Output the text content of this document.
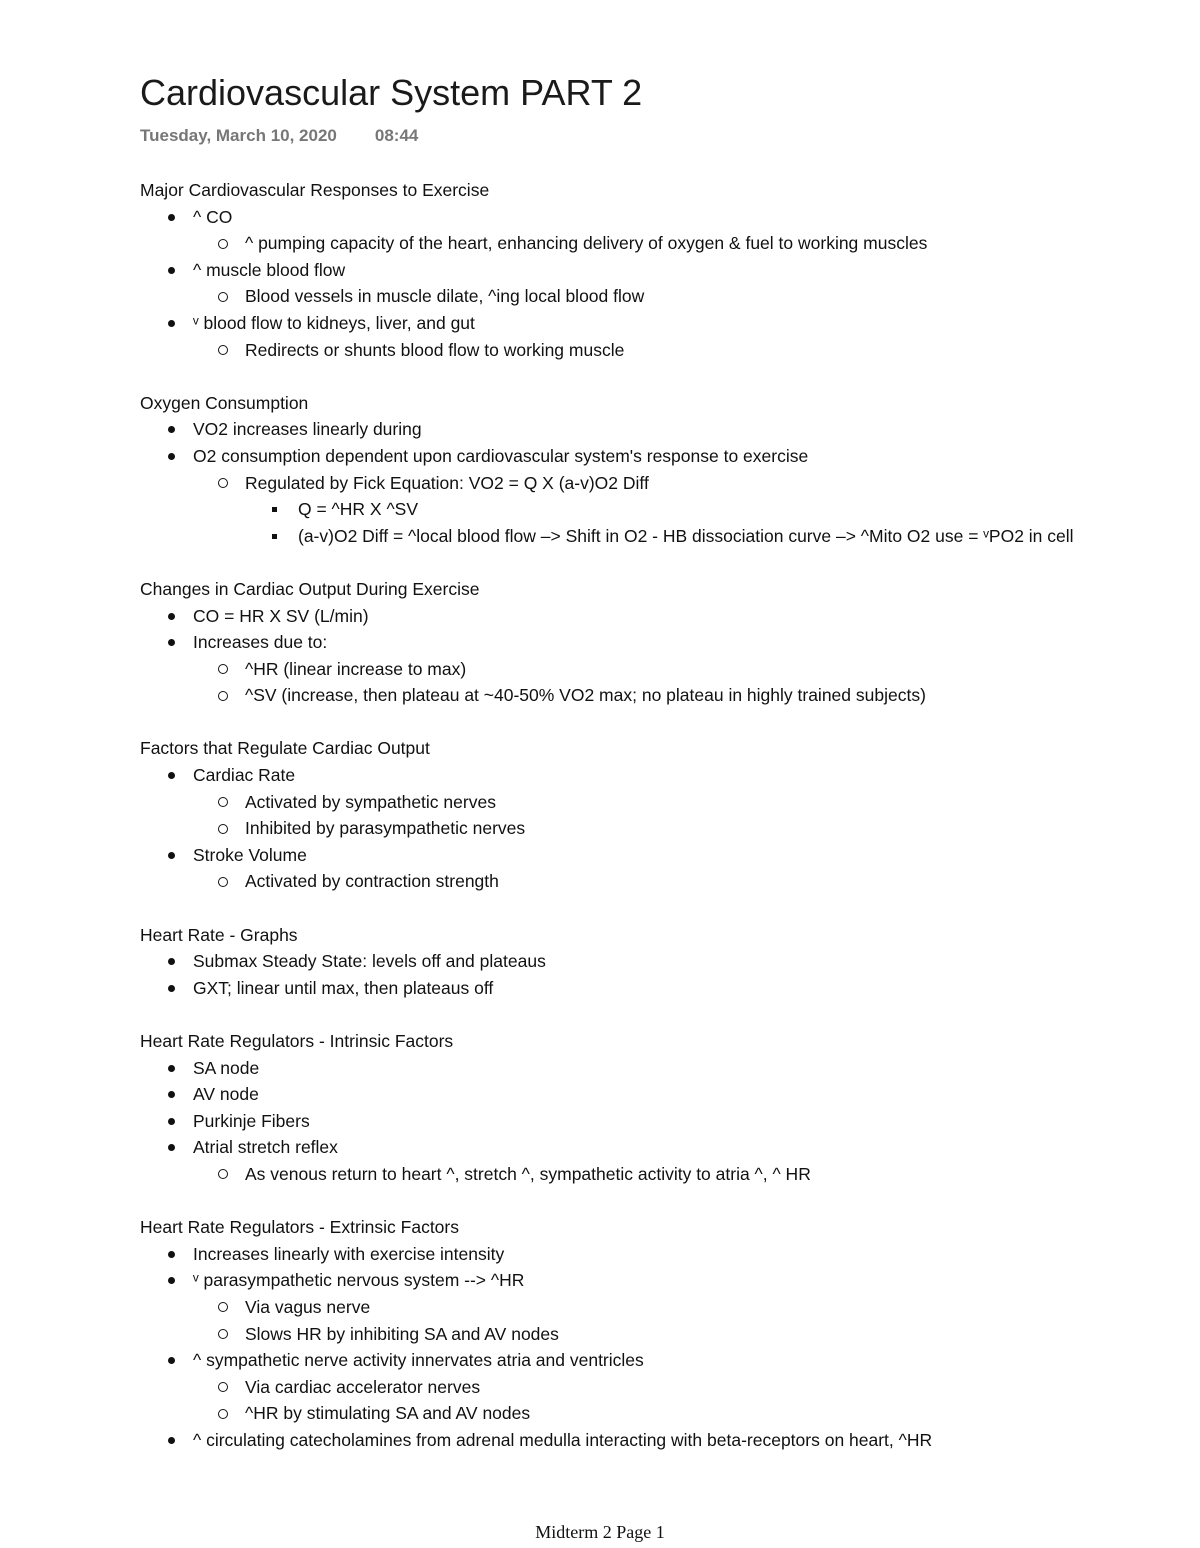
Cardiovascular System PART 2
Tuesday, March 10, 2020 08:44
Major Cardiovascular Responses to Exercise
^ CO
^ pumping capacity of the heart, enhancing delivery of oxygen & fuel to working muscles
^ muscle blood flow
Blood vessels in muscle dilate, ^ing local blood flow
ᵛ blood flow to kidneys, liver, and gut
Redirects or shunts blood flow to working muscle
Oxygen Consumption
VO2 increases linearly during
O2 consumption dependent upon cardiovascular system's response to exercise
Regulated by Fick Equation: VO2 = Q X (a-v)O2 Diff
Q = ^HR X ^SV
(a-v)O2 Diff = ^local blood flow –> Shift in O2 - HB dissociation curve –> ^Mito O2 use = ᵛPO2 in cell
Changes in Cardiac Output During Exercise
CO = HR X SV (L/min)
Increases due to:
^HR (linear increase to max)
^SV (increase, then plateau at ~40-50% VO2 max; no plateau in highly trained subjects)
Factors that Regulate Cardiac Output
Cardiac Rate
Activated by sympathetic nerves
Inhibited by parasympathetic nerves
Stroke Volume
Activated by contraction strength
Heart Rate - Graphs
Submax Steady State: levels off and plateaus
GXT; linear until max, then plateaus off
Heart Rate Regulators - Intrinsic Factors
SA node
AV node
Purkinje Fibers
Atrial stretch reflex
As venous return to heart ^, stretch ^, sympathetic activity to atria ^, ^ HR
Heart Rate Regulators - Extrinsic Factors
Increases linearly with exercise intensity
ᵛ parasympathetic nervous system --> ^HR
Via vagus nerve
Slows HR by inhibiting SA and AV nodes
^ sympathetic nerve activity innervates atria and ventricles
Via cardiac accelerator nerves
^HR by stimulating SA and AV nodes
^ circulating catecholamines from adrenal medulla interacting with beta-receptors on heart, ^HR
Midterm 2 Page 1
